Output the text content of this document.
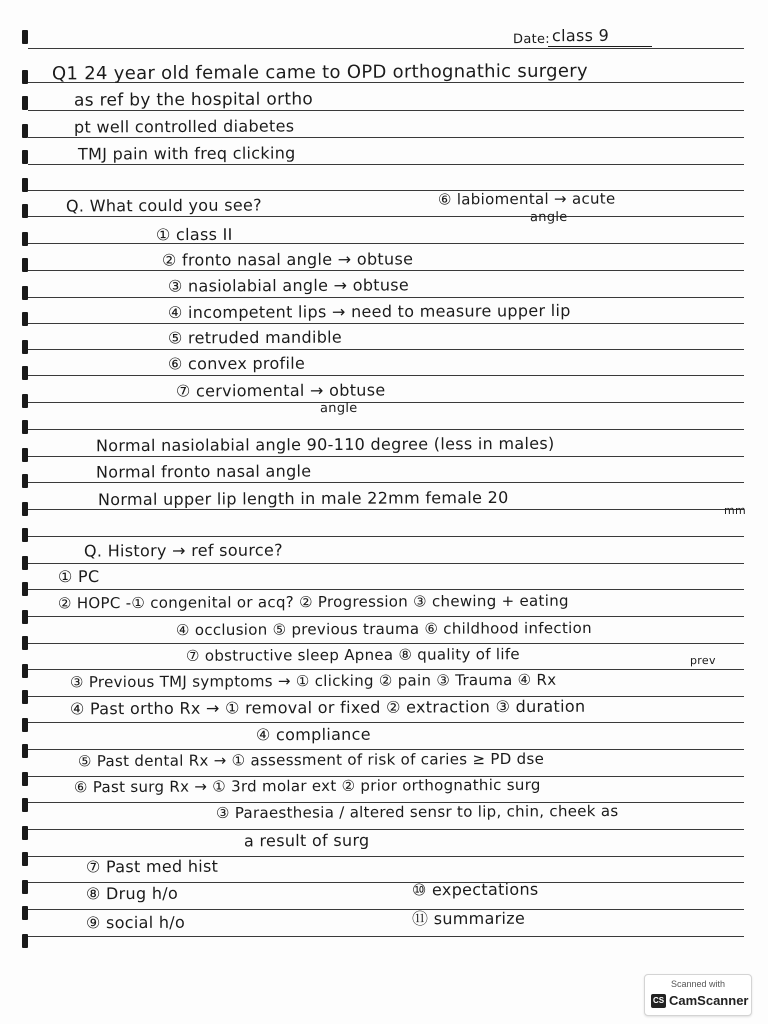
Date: class 9
Q1 24 year old female came to OPD orthognathic surgery
as ref by the hospital ortho
pt well controlled diabetes
TMJ pain with freq clicking
Q. What could you see?	⑥ labiomental → acute
angle
① class II
② fronto nasal angle → obtuse
③ nasiolabial angle → obtuse
④ incompetent lips → need to measure upper lip
⑤ retruded mandible
⑥ convex profile
⑦ cerviomental → obtuse
angle
Normal nasiolabial angle 90-110 degree (less in males)
Normal fronto nasal angle
Normal upper lip length in male 22mm female 20
mm
Q. History → ref source?
① PC
② HOPC -① congenital or acq? ② Progression ③ chewing + eating
④ occlusion ⑤ previous trauma ⑥ childhood infection
⑦ obstructive sleep Apnea ⑧ quality of life	prev
③ Previous TMJ symptoms → ① clicking ② pain ③ Trauma ④ Rx
④ Past ortho Rx → ① removal or fixed ② extraction ③ duration
④ compliance
⑤ Past dental Rx → ① assessment of risk of caries ≥ PD dse
⑥ Past surg Rx → ① 3rd molar ext ② prior orthognathic surg
③ Paraesthesia / altered sensr to lip, chin, cheek as
a result of surg
⑦ Past med hist
⑧ Drug h/o
⑨ social h/o
⑩ expectations
⑪ summarize
Scanned with
CS CamScanner
